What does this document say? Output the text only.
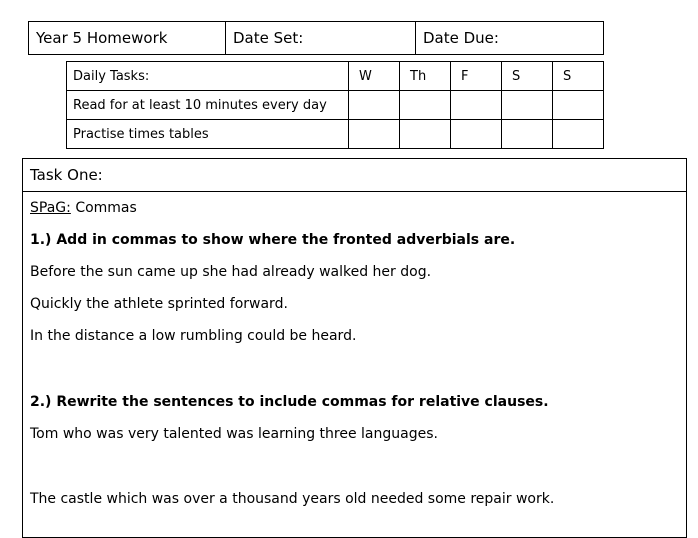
Year 5 Homework	Date Set:	Date Due:
Daily Tasks:	W	Th	F	S	S
Read for at least 10 minutes every day					
Practise times tables					
Task One:
SPaG: Commas
1.) Add in commas to show where the fronted adverbials are.
Before the sun came up she had already walked her dog.
Quickly the athlete sprinted forward.
In the distance a low rumbling could be heard.
2.) Rewrite the sentences to include commas for relative clauses.
Tom who was very talented was learning three languages.
The castle which was over a thousand years old needed some repair work.
